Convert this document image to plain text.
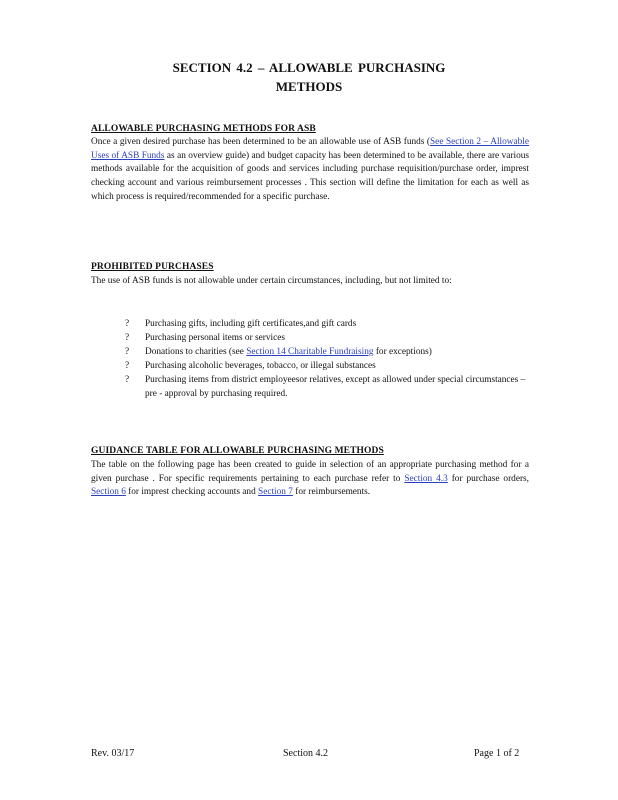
SECTION 4.2 – ALLOWABLE PURCHASING
METHODS
ALLOWABLE PURCHASING METHODS FOR ASB
Once a given desired purchase has been determined to be an allowable use of ASB funds (See Section 2 – Allowable Uses of ASB Funds as an overview guide) and budget capacity has been determined to be available, there are various methods available for the acquisition of goods and services including purchase requisition/purchase order, imprest checking account and various reimbursement processes . This section will define the limitation for each as well as which process is required/recommended for a specific purchase.
PROHIBITED PURCHASES
The use of ASB funds is not allowable under certain circumstances, including, but not limited to:
? Purchasing gifts, including gift certificates,and gift cards
? Purchasing personal items or services
? Donations to charities (see Section 14 Charitable Fundraising for exceptions)
? Purchasing alcoholic beverages, tobacco, or illegal substances
? Purchasing items from district employeesor relatives, except as allowed under special circumstances – pre - approval by purchasing required.
GUIDANCE TABLE FOR ALLOWABLE PURCHASING METHODS
The table on the following page has been created to guide in selection of an appropriate purchasing method for a given purchase . For specific requirements pertaining to each purchase refer to Section 4.3 for purchase orders, Section 6 for imprest checking accounts and Section 7 for reimbursements.
Rev. 03/17	Section 4.2	Page 1 of 2
